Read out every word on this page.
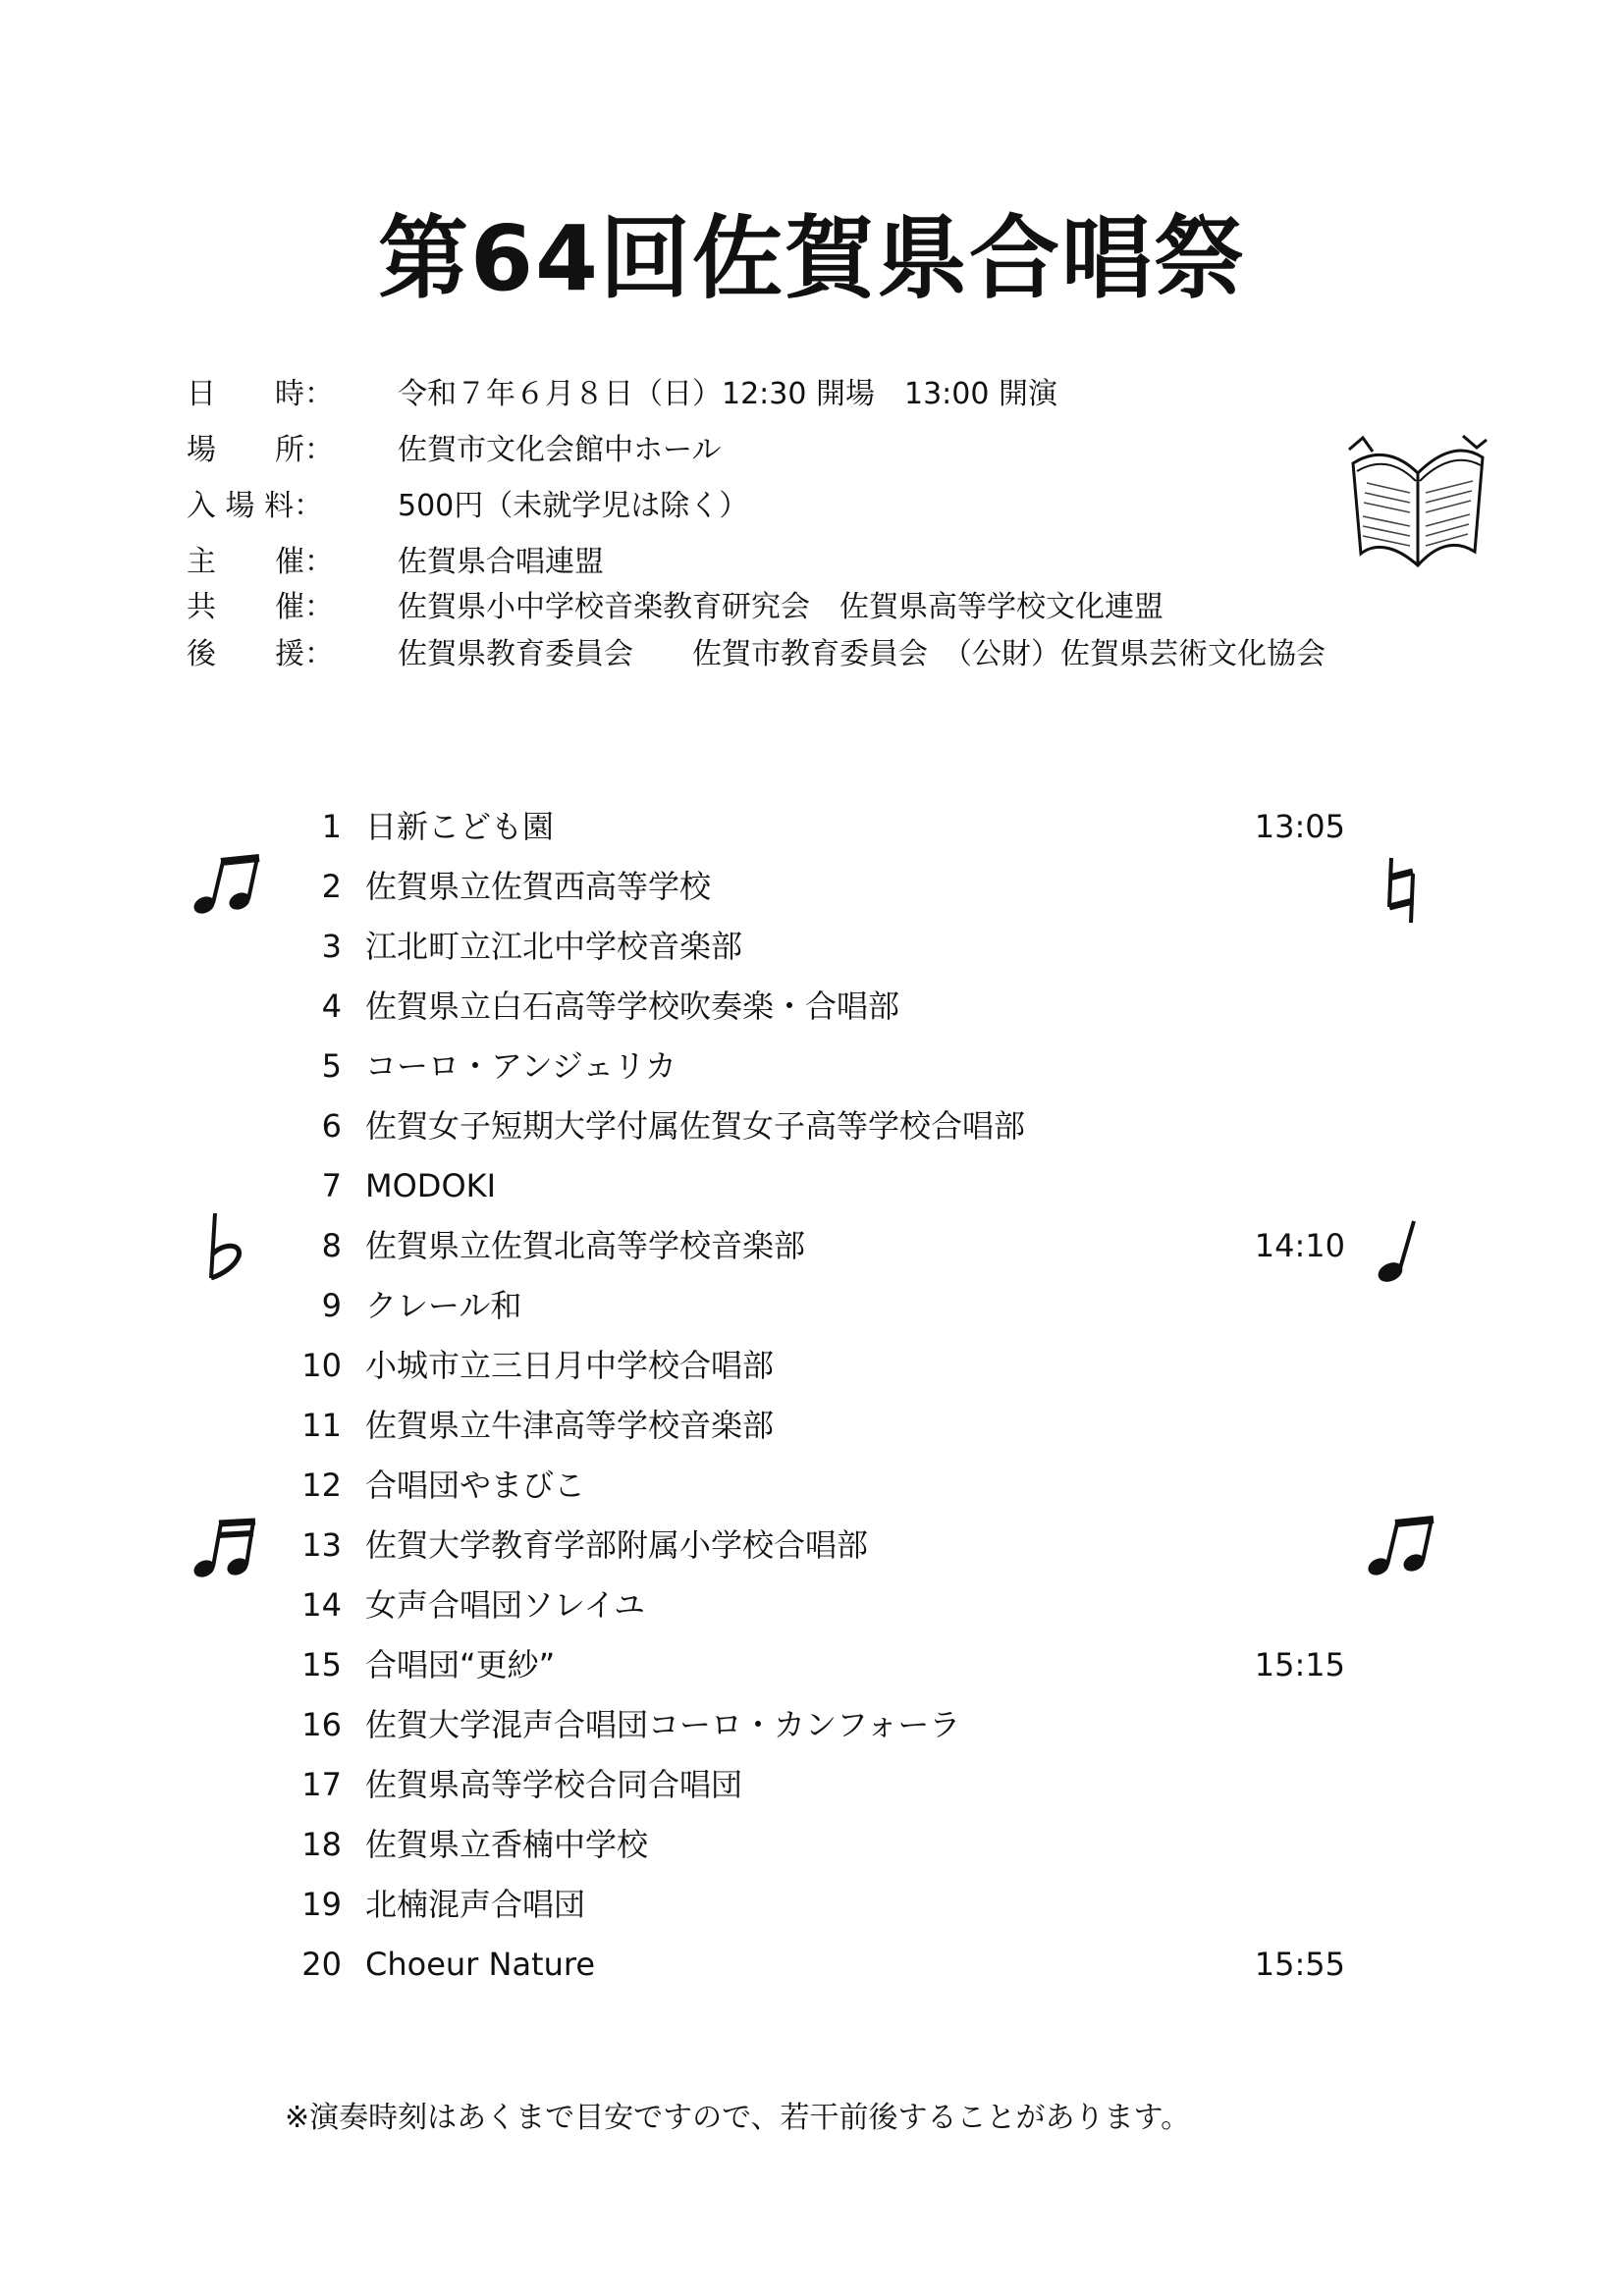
第64回佐賀県合唱祭
日　　時：	令和７年６月８日（日）12:30 開場　13:00 開演
場　　所：	佐賀市文化会館中ホール
入 場 料：	500円（未就学児は除く）
主　　催：	佐賀県合唱連盟
共　　催：	佐賀県小中学校音楽教育研究会　佐賀県高等学校文化連盟
後　　援：	佐賀県教育委員会　　佐賀市教育委員会　（公財）佐賀県芸術文化協会
1 日新こども園	13:05
2 佐賀県立佐賀西高等学校
3 江北町立江北中学校音楽部
4 佐賀県立白石高等学校吹奏楽・合唱部
5 コーロ・アンジェリカ
6 佐賀女子短期大学付属佐賀女子高等学校合唱部
7 MODOKI
8 佐賀県立佐賀北高等学校音楽部	14:10
9 クレール和
10 小城市立三日月中学校合唱部
11 佐賀県立牛津高等学校音楽部
12 合唱団やまびこ
13 佐賀大学教育学部附属小学校合唱部
14 女声合唱団ソレイユ
15 合唱団“更紗”	15:15
16 佐賀大学混声合唱団コーロ・カンフォーラ
17 佐賀県高等学校合同合唱団
18 佐賀県立香楠中学校
19 北楠混声合唱団
20 Choeur Nature	15:55
※演奏時刻はあくまで目安ですので、若干前後することがあります。
